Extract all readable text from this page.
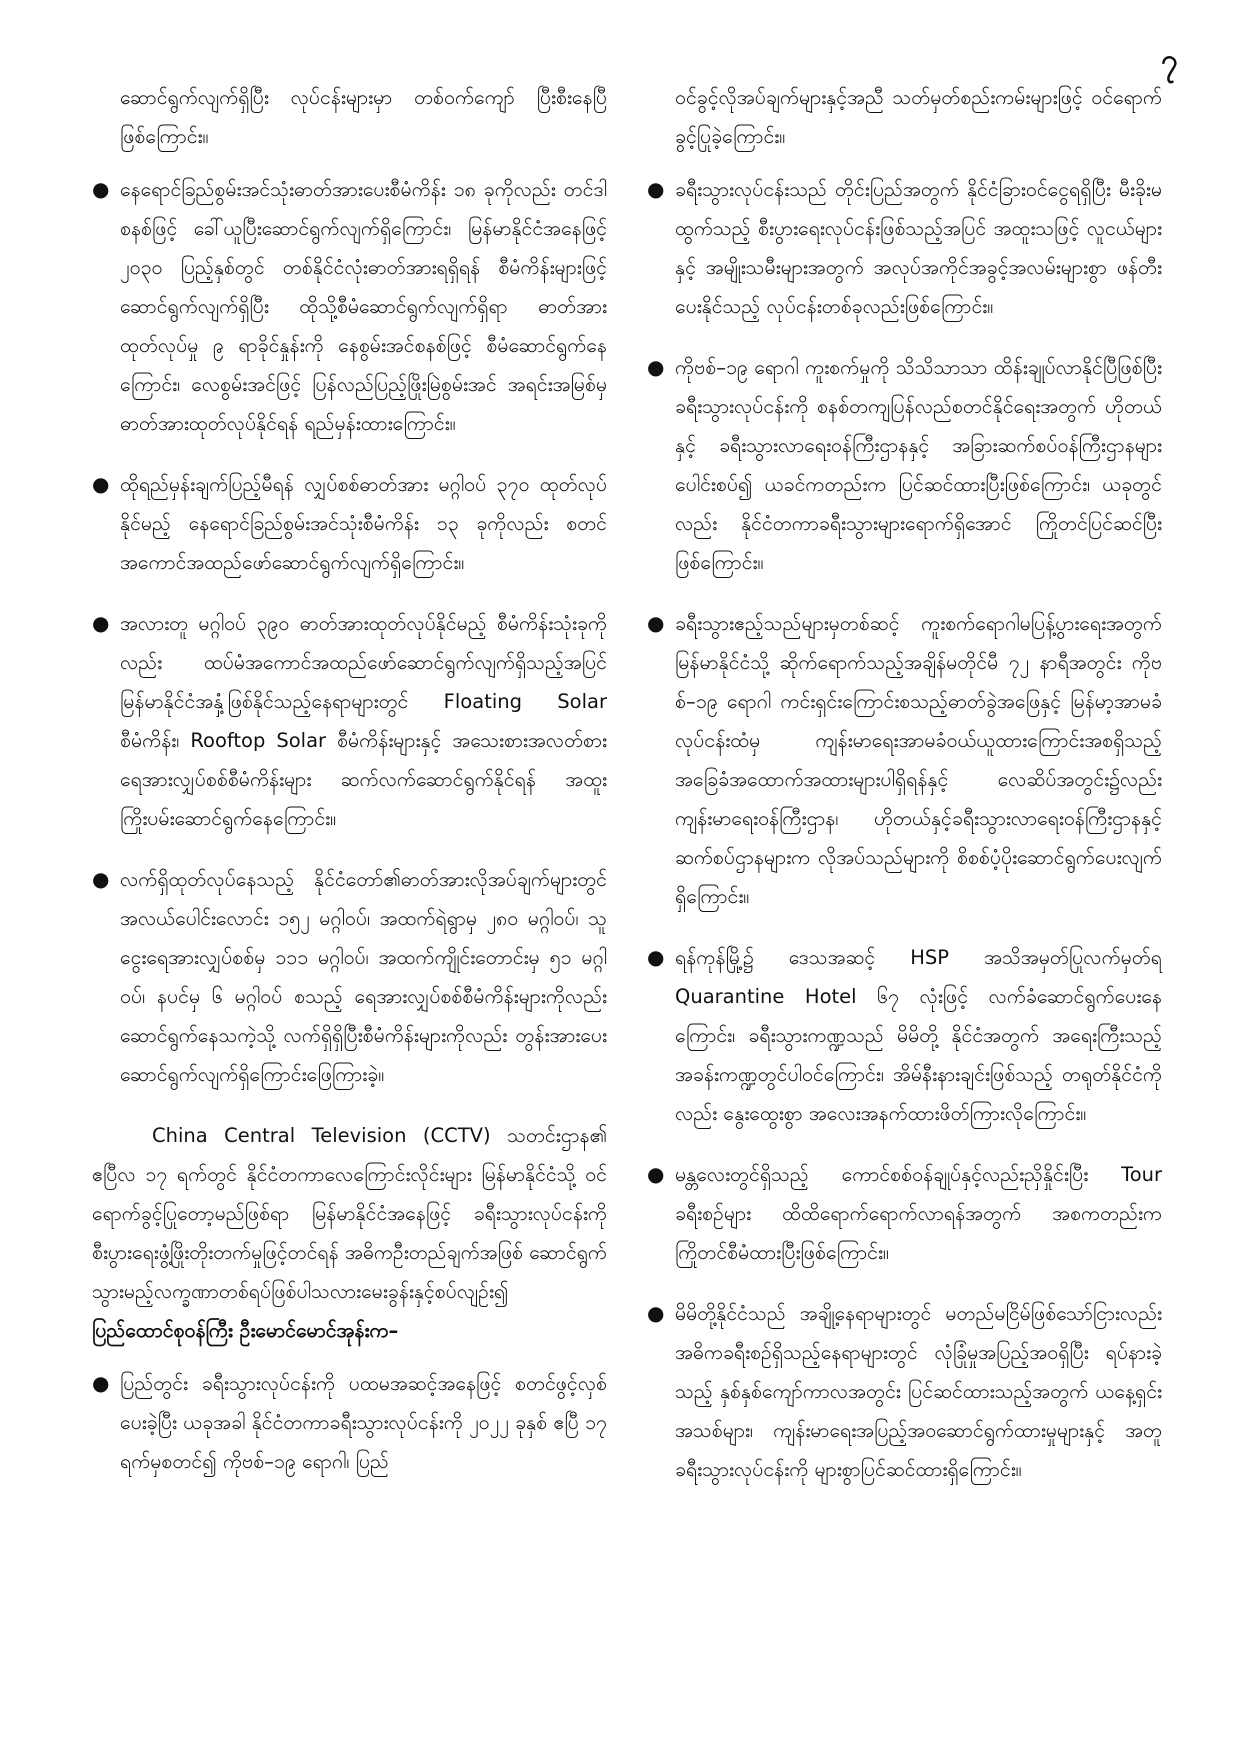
၇

ဆောင်ရွက်လျက်ရှိပြီး လုပ်ငန်းများမှာ တစ်ဝက်ကျော် ပြီးစီးနေပြီဖြစ်ကြောင်း။

● နေရောင်ခြည်စွမ်းအင်သုံးဓာတ်အားပေးစီမံကိန်း ၁၈ ခုကိုလည်း တင်ဒါစနစ်ဖြင့် ခေါ်ယူပြီးဆောင်ရွက်လျက်ရှိကြောင်း၊ မြန်မာနိုင်ငံအနေဖြင့် ၂၀၃၀ ပြည့်နှစ်တွင် တစ်နိုင်ငံလုံးဓာတ်အားရရှိရန် စီမံကိန်းများဖြင့် ဆောင်ရွက်လျက်ရှိပြီး ထိုသို့စီမံဆောင်ရွက်လျက်ရှိရာ ဓာတ်အားထုတ်လုပ်မှု ၉ ရာခိုင်နှုန်းကို နေစွမ်းအင်စနစ်ဖြင့် စီမံဆောင်ရွက်နေကြောင်း၊ လေစွမ်းအင်ဖြင့် ပြန်လည်ပြည့်ဖြိုးမြဲစွမ်းအင် အရင်းအမြစ်မှ ဓာတ်အားထုတ်လုပ်နိုင်ရန် ရည်မှန်းထားကြောင်း။
● ထိုရည်မှန်းချက်ပြည့်မီရန် လျှပ်စစ်ဓာတ်အား မဂ္ဂါဝပ် ၃၇၀ ထုတ်လုပ်နိုင်မည့် နေရောင်ခြည်စွမ်းအင်သုံးစီမံကိန်း ၁၃ ခုကိုလည်း စတင်အကောင်အထည်ဖော်ဆောင်ရွက်လျက်ရှိကြောင်း။
● အလားတူ မဂ္ဂါဝပ် ၃၉၀ ဓာတ်အားထုတ်လုပ်နိုင်မည့် စီမံကိန်းသုံးခုကိုလည်း ထပ်မံအကောင်အထည်ဖော်ဆောင်ရွက်လျက်ရှိသည့်အပြင် မြန်မာနိုင်ငံအနှံ့ဖြစ်နိုင်သည့်နေရာများတွင် Floating Solar စီမံကိန်း၊ Rooftop Solar စီမံကိန်းများနှင့် အသေးစားအလတ်စားရေအားလျှပ်စစ်စီမံကိန်းများ ဆက်လက်ဆောင်ရွက်နိုင်ရန် အထူးကြိုးပမ်းဆောင်ရွက်နေကြောင်း။
● လက်ရှိထုတ်လုပ်နေသည့် နိုင်ငံတော်၏ဓာတ်အားလိုအပ်ချက်များတွင် အလယ်ပေါင်းလောင်း ၁၅၂ မဂ္ဂါဝပ်၊ အထက်ရဲရွာမှ ၂၈၀ မဂ္ဂါဝပ်၊ သူငွေးရေအားလျှပ်စစ်မှ ၁၁၁ မဂ္ဂါဝပ်၊ အထက်ကျိုင်းတောင်းမှ ၅၁ မဂ္ဂါဝပ်၊ နပင်မှ ၆ မဂ္ဂါဝပ် စသည့် ရေအားလျှပ်စစ်စီမံကိန်းများကိုလည်း ဆောင်ရွက်နေသကဲ့သို့ လက်ရှိရှိပြီးစီမံကိန်းများကိုလည်း တွန်းအားပေးဆောင်ရွက်လျက်ရှိကြောင်းဖြေကြားခဲ့။

China Central Television (CCTV) သတင်းဌာန၏ ဧပြီလ ၁၇ ရက်တွင် နိုင်ငံတကာလေကြောင်းလိုင်းများ မြန်မာနိုင်ငံသို့ ဝင်ရောက်ခွင့်ပြုတော့မည်ဖြစ်ရာ မြန်မာနိုင်ငံအနေဖြင့် ခရီးသွားလုပ်ငန်းကို စီးပွားရေးဖွံ့ဖြိုးတိုးတက်မှုဖြင့်တင်ရန် အဓိကဦးတည်ချက်အဖြစ် ဆောင်ရွက်သွားမည့်လက္ခဏာတစ်ရပ်ဖြစ်ပါသလားမေးခွန်းနှင့်စပ်လျဉ်း၍ ပြည်ထောင်စုဝန်ကြီး ဦးမောင်မောင်အုန်းက–

● ပြည်တွင်း ခရီးသွားလုပ်ငန်းကို ပထမအဆင့်အနေဖြင့် စတင်ဖွင့်လှစ်ပေးခဲ့ပြီး ယခုအခါ နိုင်ငံတကာခရီးသွားလုပ်ငန်းကို ၂၀၂၂ ခုနှစ် ဧပြီ ၁၇ ရက်မှစတင်၍ ကိုဗစ်–၁၉ ရောဂါ၊ ပြည်

ဝင်ခွင့်လိုအပ်ချက်များနှင့်အညီ သတ်မှတ်စည်းကမ်းများဖြင့် ဝင်ရောက်ခွင့်ပြုခဲ့ကြောင်း။

● ခရီးသွားလုပ်ငန်းသည် တိုင်းပြည်အတွက် နိုင်ငံခြားဝင်ငွေရရှိပြီး မီးခိုးမထွက်သည့် စီးပွားရေးလုပ်ငန်းဖြစ်သည့်အပြင် အထူးသဖြင့် လူငယ်များနှင့် အမျိုးသမီးများအတွက် အလုပ်အကိုင်အခွင့်အလမ်းများစွာ ဖန်တီးပေးနိုင်သည့် လုပ်ငန်းတစ်ခုလည်းဖြစ်ကြောင်း။
● ကိုဗစ်–၁၉ ရောဂါ ကူးစက်မှုကို သိသိသာသာ ထိန်းချုပ်လာနိုင်ပြီဖြစ်ပြီး ခရီးသွားလုပ်ငန်းကို စနစ်တကျပြန်လည်စတင်နိုင်ရေးအတွက် ဟိုတယ်နှင့် ခရီးသွားလာရေးဝန်ကြီးဌာနနှင့် အခြားဆက်စပ်ဝန်ကြီးဌာနများပေါင်းစပ်၍ ယခင်ကတည်းက ပြင်ဆင်ထားပြီးဖြစ်ကြောင်း၊ ယခုတွင်လည်း နိုင်ငံတကာခရီးသွားများရောက်ရှိအောင် ကြိုတင်ပြင်ဆင်ပြီးဖြစ်ကြောင်း။
● ခရီးသွားဧည့်သည်များမှတစ်ဆင့် ကူးစက်ရောဂါမပြန့်ပွားရေးအတွက် မြန်မာနိုင်ငံသို့ ဆိုက်ရောက်သည့်အချိန်မတိုင်မီ ၇၂ နာရီအတွင်း ကိုဗစ်–၁၉ ရောဂါ ကင်းရှင်းကြောင်းစသည့်ဓာတ်ခွဲအဖြေနှင့် မြန်မာ့အာမခံလုပ်ငန်းထံမှ ကျန်းမာရေးအာမခံဝယ်ယူထားကြောင်းအစရှိသည့် အခြေခံအထောက်အထားများပါရှိရန်နှင့် လေဆိပ်အတွင်း၌လည်း ကျန်းမာရေးဝန်ကြီးဌာန၊ ဟိုတယ်နှင့်ခရီးသွားလာရေးဝန်ကြီးဌာနနှင့် ဆက်စပ်ဌာနများက လိုအပ်သည်များကို စိစစ်ပံ့ပိုးဆောင်ရွက်ပေးလျက်ရှိကြောင်း။
● ရန်ကုန်မြို့၌ ဒေသအဆင့် HSP အသိအမှတ်ပြုလက်မှတ်ရ Quarantine Hotel ၆၇ လုံးဖြင့် လက်ခံဆောင်ရွက်ပေးနေကြောင်း၊ ခရီးသွားကဏ္ဍသည် မိမိတို့ နိုင်ငံအတွက် အရေးကြီးသည့်အခန်းကဏ္ဍတွင်ပါဝင်ကြောင်း၊ အိမ်နီးနားချင်းဖြစ်သည့် တရုတ်နိုင်ငံကိုလည်း နွေးထွေးစွာ အလေးအနက်ထားဖိတ်ကြားလိုကြောင်း။
● မန္တလေးတွင်ရှိသည့် ကောင်စစ်ဝန်ချုပ်နှင့်လည်းညှိနှိုင်းပြီး Tour ခရီးစဉ်များ ထိထိရောက်ရောက်လာရန်အတွက် အစကတည်းက ကြိုတင်စီမံထားပြီးဖြစ်ကြောင်း။
● မိမိတို့နိုင်ငံသည် အချို့နေရာများတွင် မတည်မငြိမ်ဖြစ်သော်ငြားလည်း အဓိကခရီးစဉ်ရှိသည့်နေရာများတွင် လုံခြုံမှုအပြည့်အဝရှိပြီး ရပ်နားခဲ့သည့် နှစ်နှစ်ကျော်ကာလအတွင်း ပြင်ဆင်ထားသည့်အတွက် ယနေ့ရှင်းအသစ်များ၊ ကျန်းမာရေးအပြည့်အဝဆောင်ရွက်ထားမှုများနှင့် အတူ ခရီးသွားလုပ်ငန်းကို များစွာပြင်ဆင်ထားရှိကြောင်း။
